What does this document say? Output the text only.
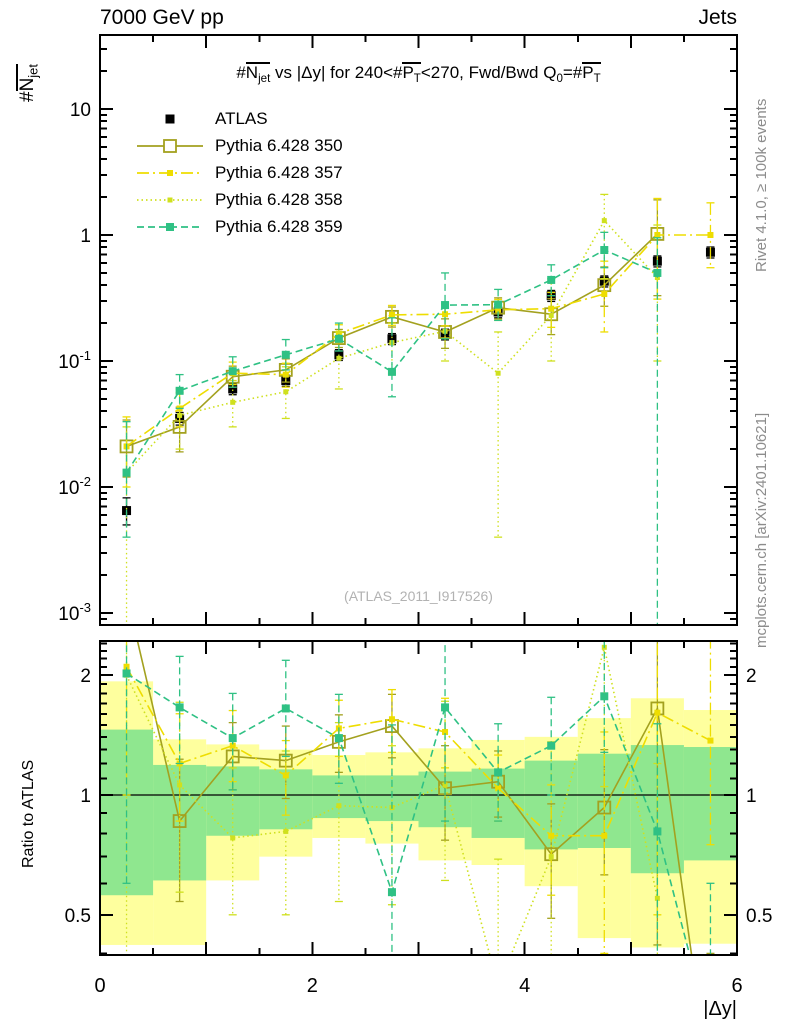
10
1
$10^{-1}$
$10^{-2}$
$10^{-3}$
2	2
1	1
0.5	0.5
0	2	4	6
7000 GeV pp	Jets
$\#N_{jet}$ vs |Δy| for $240<\#P_T<270$, Fwd/Bwd $Q_0=\#P_T$
$\#N_{jet}$
Ratio to ATLAS
|Δy|
(ATLAS_2011_I917526)
Rivet 4.1.0, ≥ 100k events
mcplots.cern.ch [arXiv:2401.10621]
ATLAS
Pythia 6.428 350
Pythia 6.428 357
Pythia 6.428 358
Pythia 6.428 359
